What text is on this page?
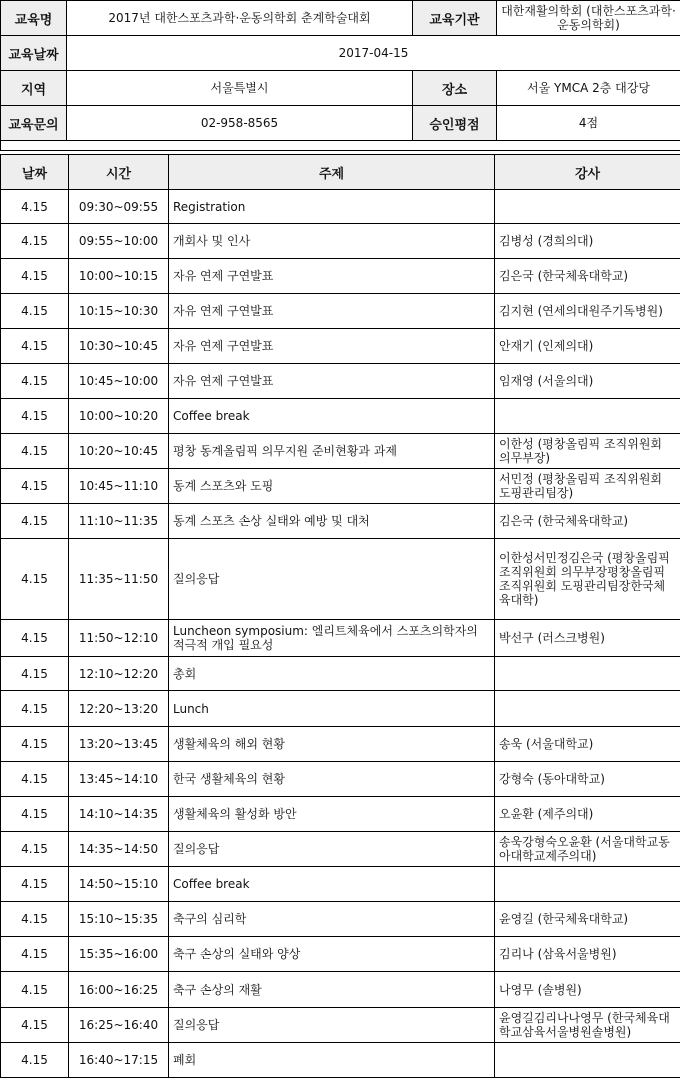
교육명	2017년 대한스포츠과학·운동의학회 춘계학술대회	교육기관	대한재활의학회 (대한스포츠과학·운동의학회)
교육날짜	2017-04-15		
지역	서울특별시	장소	서울 YMCA 2층 대강당
교육문의	02-958-8565	승인평점	4점

날짜	시간	주제	강사
4.15	09:30~09:55	Registration	
4.15	09:55~10:00	개회사 및 인사	김병성 (경희의대)
4.15	10:00~10:15	자유 연제 구연발표	김은국 (한국체육대학교)
4.15	10:15~10:30	자유 연제 구연발표	김지현 (연세의대원주기독병원)
4.15	10:30~10:45	자유 연제 구연발표	안재기 (인제의대)
4.15	10:45~10:00	자유 연제 구연발표	임재영 (서울의대)
4.15	10:00~10:20	Coffee break	
4.15	10:20~10:45	평창 동계올림픽 의무지원 준비현황과 과제	이한성 (평창올림픽 조직위원회 의무부장)
4.15	10:45~11:10	동계 스포츠와 도핑	서민정 (평창올림픽 조직위원회 도핑관리팀장)
4.15	11:10~11:35	동계 스포츠 손상 실태와 예방 및 대처	김은국 (한국체육대학교)
4.15	11:35~11:50	질의응답	이한성서민정김은국 (평창올림픽 조직위원회 의무부장평창올림픽 조직위원회 도핑관리팀장한국체육대학)
4.15	11:50~12:10	Luncheon symposium: 엘리트체육에서 스포츠의학자의 적극적 개입 필요성	박선구 (러스크병원)
4.15	12:10~12:20	총회	
4.15	12:20~13:20	Lunch	
4.15	13:20~13:45	생활체육의 해외 현황	송욱 (서울대학교)
4.15	13:45~14:10	한국 생활체육의 현황	강형숙 (동아대학교)
4.15	14:10~14:35	생활체육의 활성화 방안	오윤환 (제주의대)
4.15	14:35~14:50	질의응답	송욱강형숙오윤환 (서울대학교동아대학교제주의대)
4.15	14:50~15:10	Coffee break	
4.15	15:10~15:35	축구의 심리학	윤영길 (한국체육대학교)
4.15	15:35~16:00	축구 손상의 실태와 양상	김리나 (삼육서울병원)
4.15	16:00~16:25	축구 손상의 재활	나영무 (솔병원)
4.15	16:25~16:40	질의응답	윤영길김리나나영무 (한국체육대학교삼육서울병원솔병원)
4.15	16:40~17:15	폐회	
